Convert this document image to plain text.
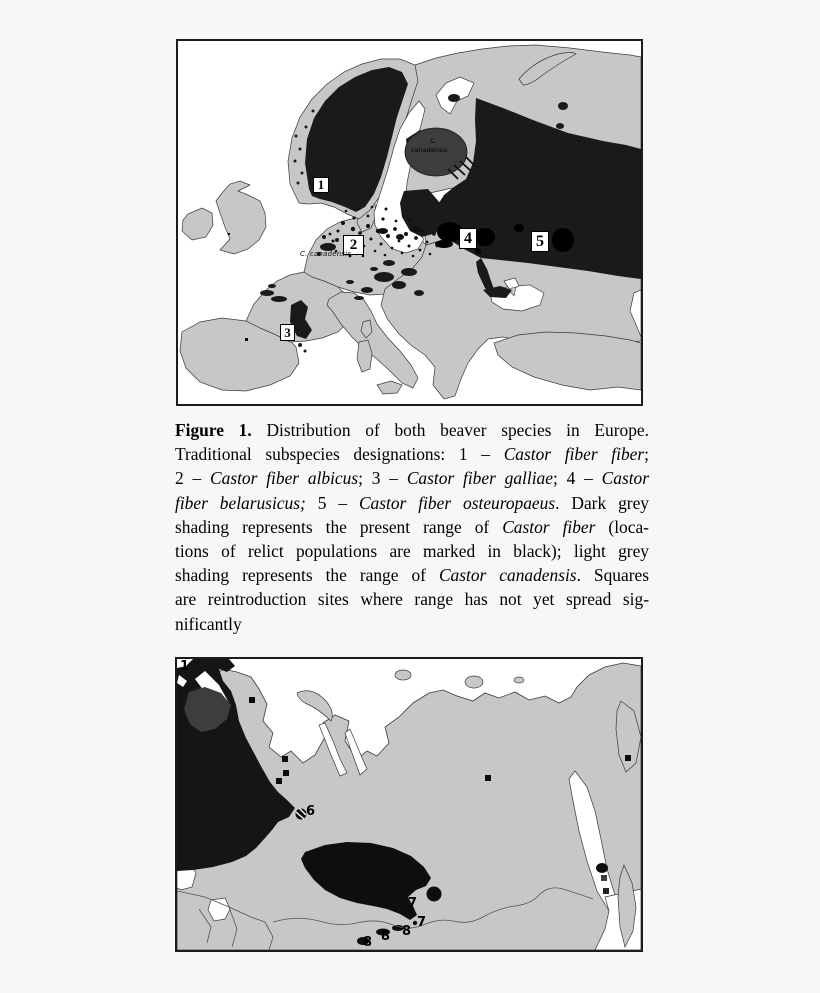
1
2
3
4	5
C. canadensis
C.
canadensis
Figure 1. Distribution of both beaver species in Europe.
Traditional subspecies designations: 1 – Castor fiber fiber;
2 – Castor fiber albicus; 3 – Castor fiber galliae; 4 – Castor
fiber belarusicus; 5 – Castor fiber osteuropaeus. Dark grey
shading represents the present range of Castor fiber (loca-
tions of relict populations are marked in black); light grey
shading represents the range of Castor canadensis. Squares
are reintroduction sites where range has not yet spread sig-
nificantly
1
6
7
7
8
8
8
